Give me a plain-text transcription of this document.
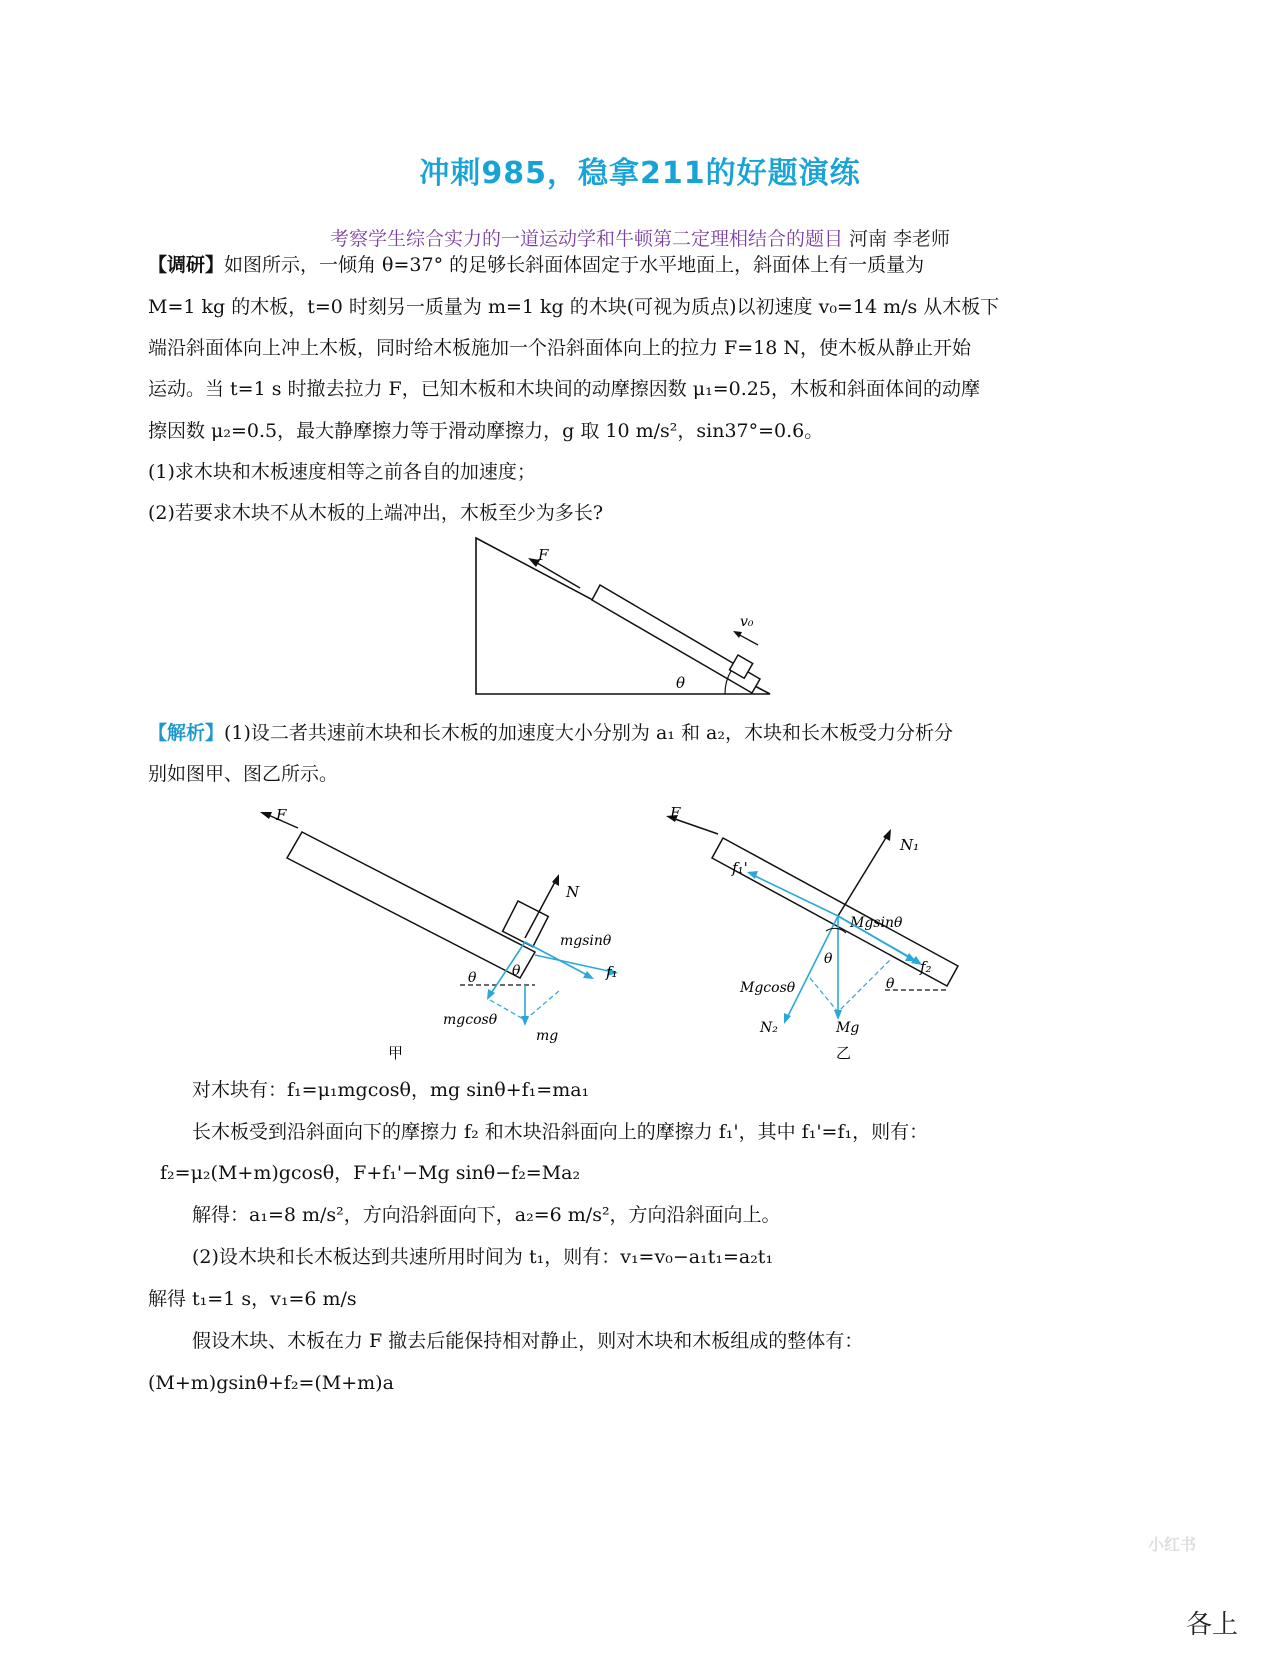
冲刺985，稳拿211的好题演练
考察学生综合实力的一道运动学和牛顿第二定理相结合的题目 河南 李老师
【调研】如图所示，一倾角 θ=37° 的足够长斜面体固定于水平地面上，斜面体上有一质量为
M=1 kg 的木板，t=0 时刻另一质量为 m=1 kg 的木块(可视为质点)以初速度 v₀=14 m/s 从木板下
端沿斜面体向上冲上木板，同时给木板施加一个沿斜面体向上的拉力 F=18 N，使木板从静止开始
运动。当 t=1 s 时撤去拉力 F，已知木板和木块间的动摩擦因数 μ₁=0.25，木板和斜面体间的动摩
擦因数 μ₂=0.5，最大静摩擦力等于滑动摩擦力，g 取 10 m/s²，sin37°=0.6。
(1)求木块和木板速度相等之前各自的加速度；
(2)若要求木块不从木板的上端冲出，木板至少为多长?
F
v₀
θ
【解析】(1)设二者共速前木块和长木板的加速度大小分别为 a₁ 和 a₂，木块和长木板受力分析分
别如图甲、图乙所示。
F
N
mgsinθ
f₁
θ	θ
mgcosθ
mg
甲
F
N₁
f₁'
Mgsinθ
f₂
θ
θ
Mgcosθ
N₂	Mg
乙
对木块有：f₁=μ₁mgcosθ，mg sinθ+f₁=ma₁
长木板受到沿斜面向下的摩擦力 f₂ 和木块沿斜面向上的摩擦力 f₁'，其中 f₁'=f₁，则有：
f₂=μ₂(M+m)gcosθ，F+f₁'−Mg sinθ−f₂=Ma₂
解得：a₁=8 m/s²，方向沿斜面向下，a₂=6 m/s²，方向沿斜面向上。
(2)设木块和长木板达到共速所用时间为 t₁，则有：v₁=v₀−a₁t₁=a₂t₁
解得 t₁=1 s，v₁=6 m/s
假设木块、木板在力 F 撤去后能保持相对静止，则对木块和木板组成的整体有：
(M+m)gsinθ+f₂=(M+m)a
小红书
各上
